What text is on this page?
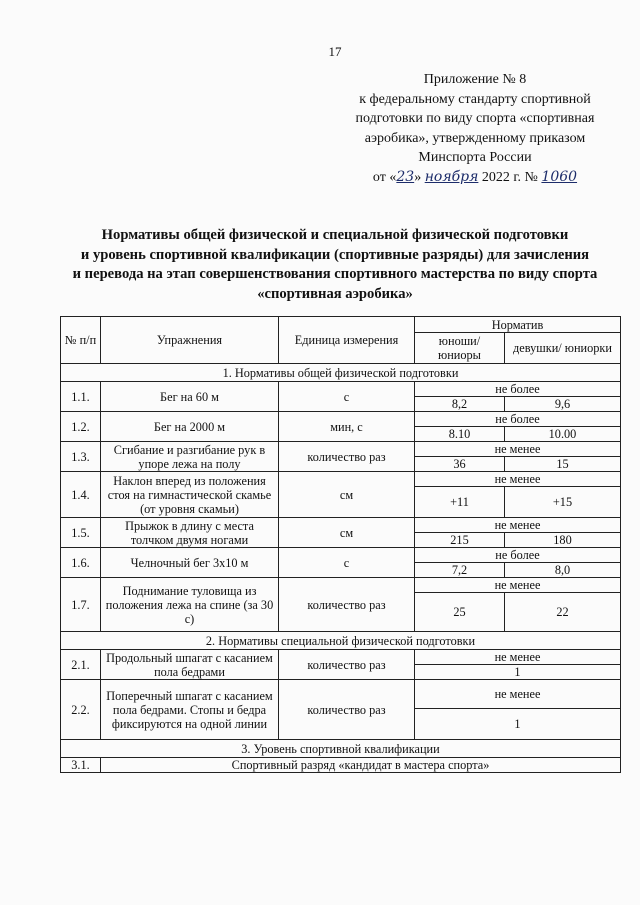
17
Приложение № 8
к федеральному стандарту спортивной
подготовки по виду спорта «спортивная
аэробика», утвержденному приказом
Минспорта России
от «23» ноября 2022 г. № 1060
Нормативы общей физической и специальной физической подготовки
и уровень спортивной квалификации (спортивные разряды) для зачисления
и перевода на этап совершенствования спортивного мастерства по виду спорта
«спортивная аэробика»
№ п/п	Упражнения	Единица измерения	Норматив	
			юноши/ юниоры	девушки/ юниорки
1. Нормативы общей физической подготовки				
1.1.	Бег на 60 м	с	не более	
			8,2	9,6
1.2.	Бег на 2000 м	мин, с	не более	
			8.10	10.00
1.3.	Сгибание и разгибание рук в упоре лежа на полу	количество раз	не менее	
			36	15
1.4.	Наклон вперед из положения стоя на гимнастической скамье (от уровня скамьи)	см	не менее	
			+11	+15
1.5.	Прыжок в длину с места толчком двумя ногами	см	не менее	
			215	180
1.6.	Челночный бег 3х10 м	с	не более	
			7,2	8,0
1.7.	Поднимание туловища из положения лежа на спине (за 30 с)	количество раз	не менее	
			25	22
2. Нормативы специальной физической подготовки				
2.1.	Продольный шпагат с касанием пола бедрами	количество раз	не менее	
			1	
2.2.	Поперечный шпагат с касанием пола бедрами. Стопы и бедра фиксируются на одной линии	количество раз	не менее	
			1	
3. Уровень спортивной квалификации				
3.1.	Спортивный разряд «кандидат в мастера спорта»			
